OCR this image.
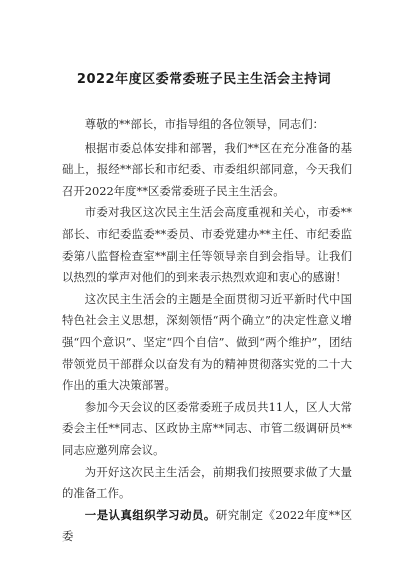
2022年度区委常委班子民主生活会主持词

尊敬的**部长，市指导组的各位领导，同志们：

根据市委总体安排和部署，我们**区在充分准备的基础上，报经**部长和市纪委、市委组织部同意，今天我们召开2022年度**区委常委班子民主生活会。

市委对我区这次民主生活会高度重视和关心，市委**部长、市纪委监委**委员、市委党建办**主任、市纪委监委第八监督检查室**副主任等领导亲自到会指导。让我们以热烈的掌声对他们的到来表示热烈欢迎和衷心的感谢！

这次民主生活会的主题是全面贯彻习近平新时代中国特色社会主义思想，深刻领悟“两个确立”的决定性意义增强“四个意识”、坚定“四个自信”、做到“两个维护”，团结带领党员干部群众以奋发有为的精神贯彻落实党的二十大作出的重大决策部署。

参加今天会议的区委常委班子成员共11人，区人大常委会主任**同志、区政协主席**同志、市管二级调研员**同志应邀列席会议。

为开好这次民主生活会，前期我们按照要求做了大量的准备工作。

一是认真组织学习动员。研究制定《2022年度**区委
